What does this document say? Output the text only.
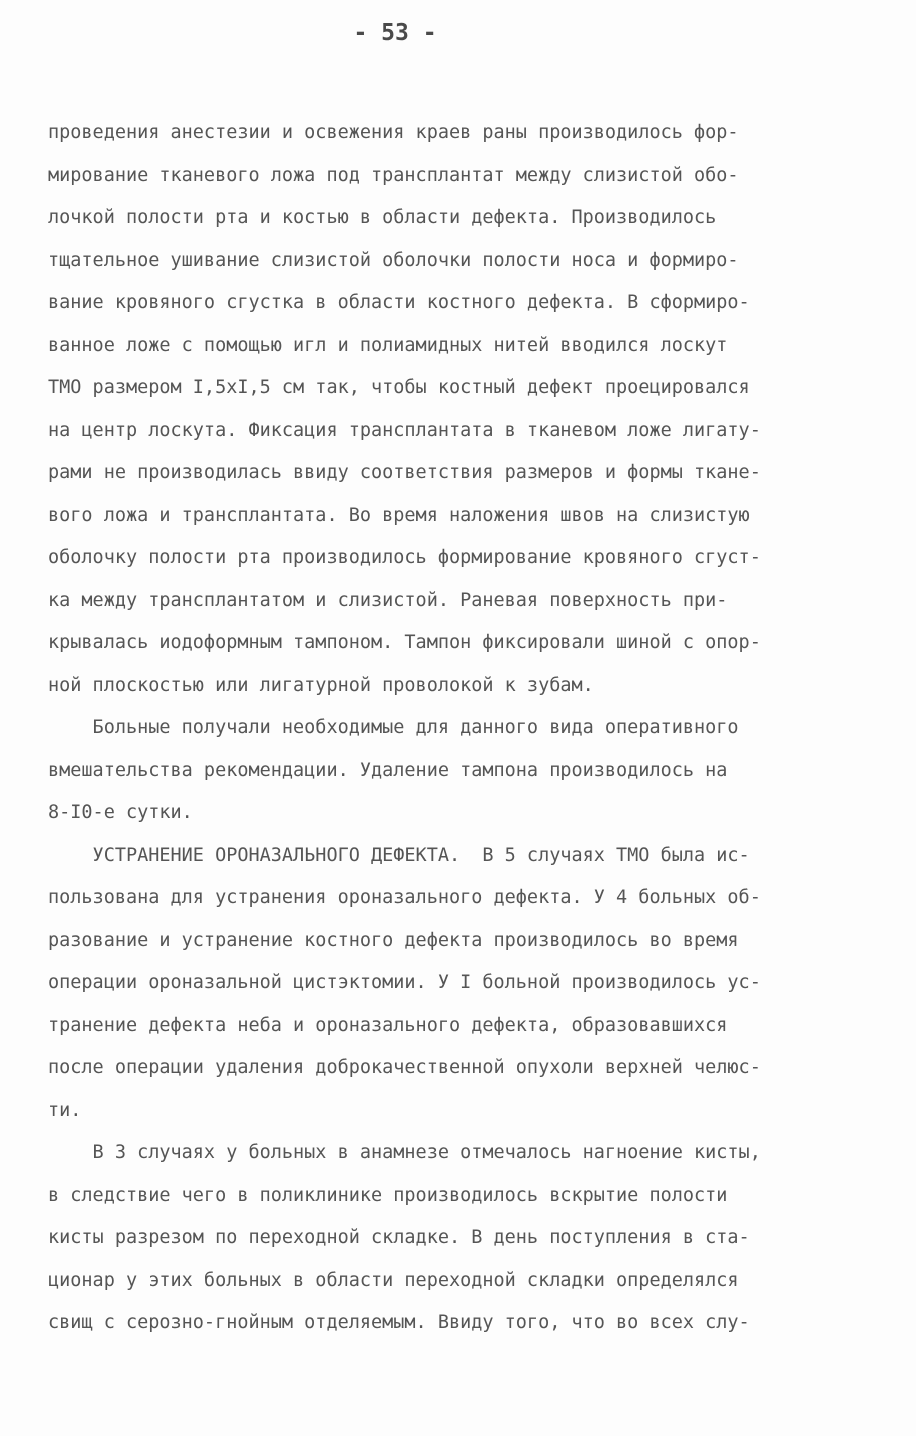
- 53 -
проведения анестезии и освежения краев раны производилось фор-
мирование тканевого ложа под трансплантат между слизистой обо-
лочкой полости рта и костью в области дефекта. Производилось
тщательное ушивание слизистой оболочки полости носа и формиро-
вание кровяного сгустка в области костного дефекта. В сформиро-
ванное ложе с помощью игл и полиамидных нитей вводился лоскут
ТМО размером I,5xI,5 см так, чтобы костный дефект проецировался
на центр лоскута. Фиксация трансплантата в тканевом ложе лигату-
рами не производилась ввиду соответствия размеров и формы ткане-
вого ложа и трансплантата. Во время наложения швов на слизистую
оболочку полости рта производилось формирование кровяного сгуст-
ка между трансплантатом и слизистой. Раневая поверхность при-
крывалась иодоформным тампоном. Тампон фиксировали шиной с опор-
ной плоскостью или лигатурной проволокой к зубам.
Больные получали необходимые для данного вида оперативного
вмешательства рекомендации. Удаление тампона производилось на
8-I0-е сутки.
УСТРАНЕНИЕ ОРОНАЗАЛЬНОГО ДЕФЕКТА.  В 5 случаях ТМО была ис-
пользована для устранения ороназального дефекта. У 4 больных об-
разование и устранение костного дефекта производилось во время
операции ороназальной цистэктомии. У I больной производилось ус-
транение дефекта неба и ороназального дефекта, образовавшихся
после операции удаления доброкачественной опухоли верхней челюс-
ти.
В 3 случаях у больных в анамнезе отмечалось нагноение кисты,
в следствие чего в поликлинике производилось вскрытие полости
кисты разрезом по переходной складке. В день поступления в ста-
ционар у этих больных в области переходной складки определялся
свищ с серозно-гнойным отделяемым. Ввиду того, что во всех слу-
